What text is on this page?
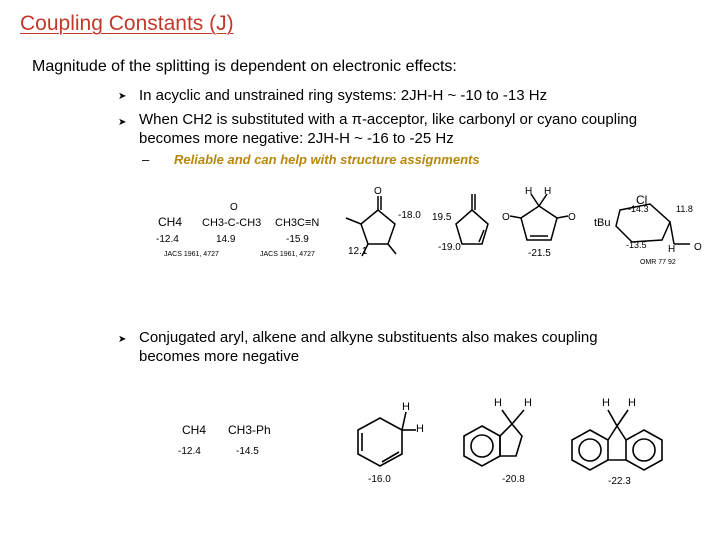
Coupling Constants (J)
Magnitude of the splitting is dependent on electronic effects:
➤ In acyclic and unstrained ring systems: 2JH-H ~ -10 to -13 Hz
➤ When CH2 is substituted with a π-acceptor, like carbonyl or cyano coupling
becomes more negative: 2JH-H ~ -16 to -25 Hz
– Reliable and can help with structure assignments
CH4
-12.4
O
CH3-C-CH3
14.9
CH3C≡N
-15.9
JACS 1961, 4727	JACS 1961, 4727
O
-18.0
12.1
19.5
-19.0
H H
O	O
-21.5
Cl
-14.3	11.8
tBu
-13.5 H O
OMR 77 92
➤ Conjugated aryl, alkene and alkyne substituents also makes coupling
becomes more negative
CH4
-12.4
CH3-Ph
-14.5
H
H
-16.0
H H
-20.8
H H
-22.3
